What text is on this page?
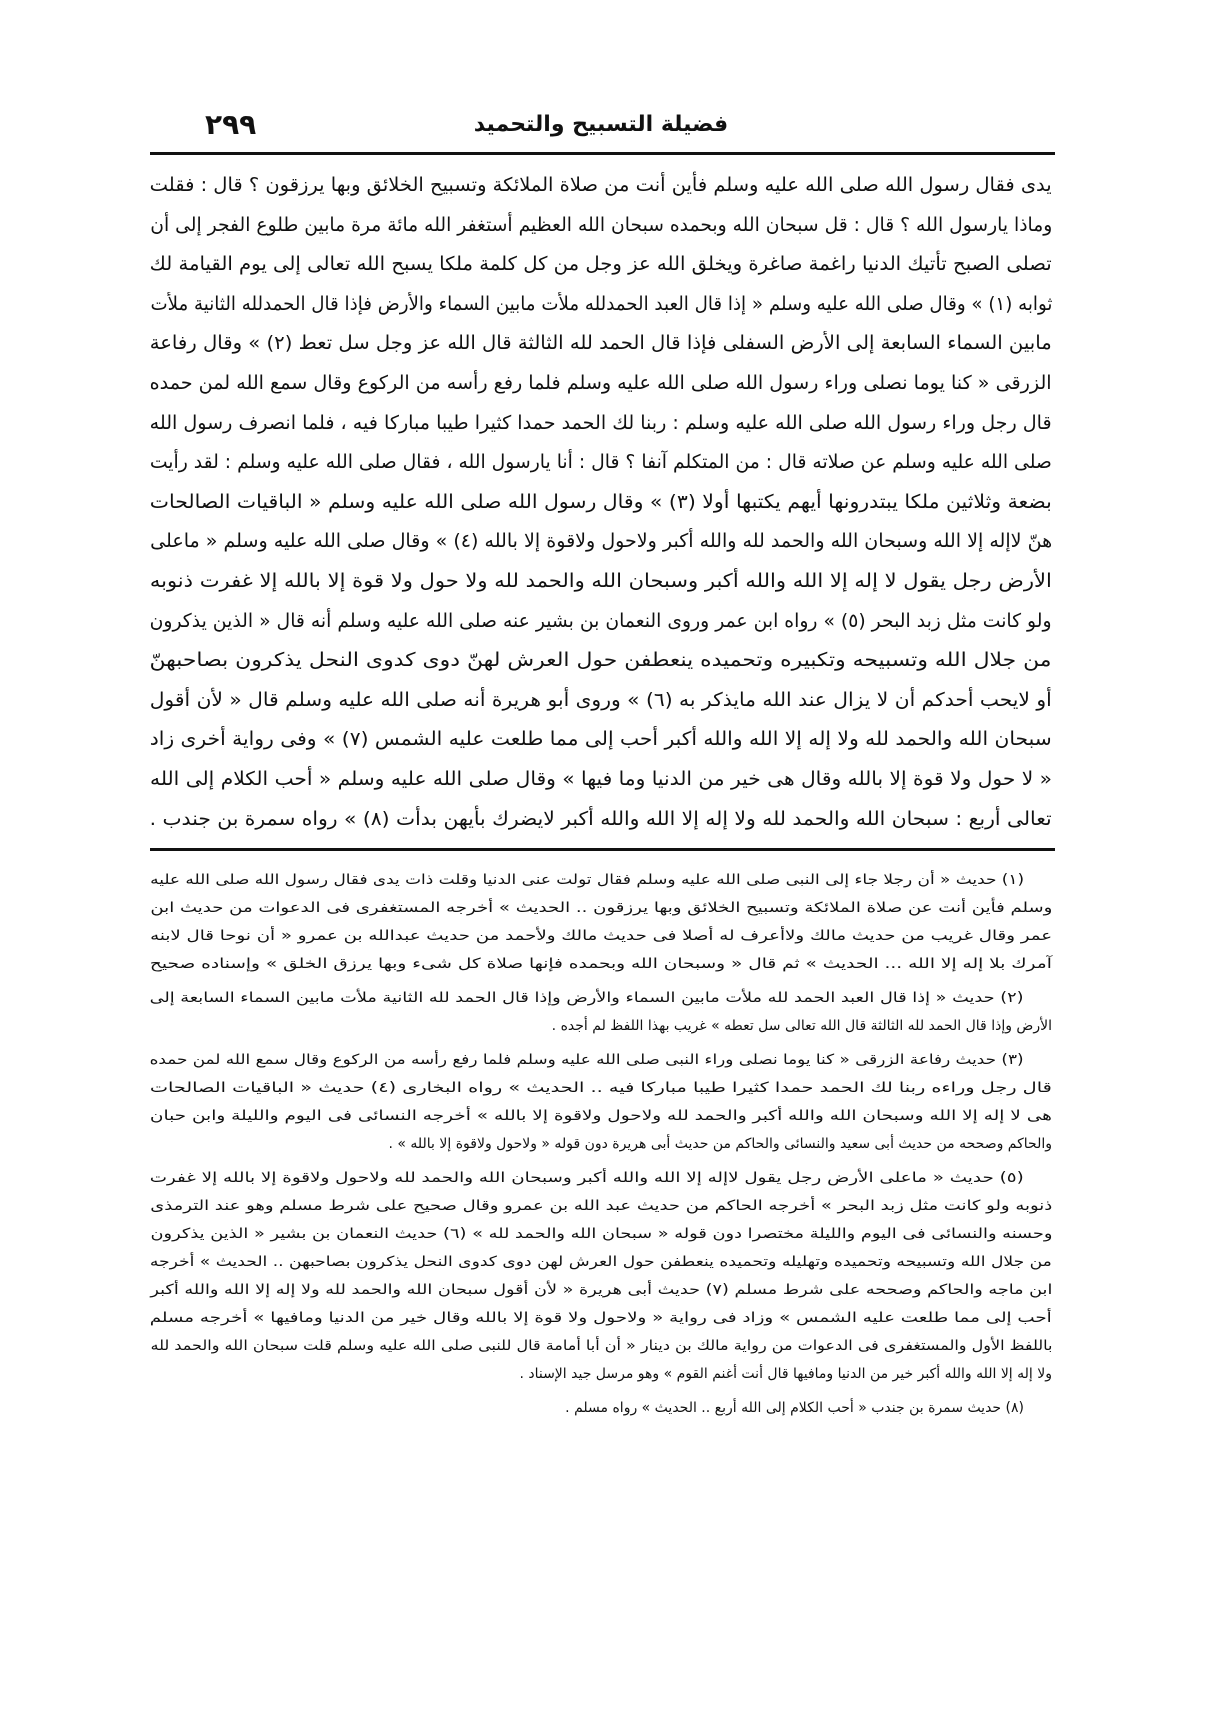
٢٩٩	فضيلة التسبيح والتحميد
يدى فقال رسول الله صلى الله عليه وسلم فأين أنت من صلاة الملائكة وتسبيح الخلائق وبها يرزقون ؟ قال : فقلت
وماذا يارسول الله ؟ قال : قل سبحان الله وبحمده سبحان الله العظيم أستغفر الله مائة مرة مابين طلوع الفجر إلى أن
تصلى الصبح تأتيك الدنيا راغمة صاغرة ويخلق الله عز وجل من كل كلمة ملكا يسبح الله تعالى إلى يوم القيامة لك
ثوابه (١) » وقال صلى الله عليه وسلم « إذا قال العبد الحمدلله ملأت مابين السماء والأرض فإذا قال الحمدلله الثانية ملأت
مابين السماء السابعة إلى الأرض السفلى فإذا قال الحمد لله الثالثة قال الله عز وجل سل تعط (٢) » وقال رفاعة
الزرقى « كنا يوما نصلى وراء رسول الله صلى الله عليه وسلم فلما رفع رأسه من الركوع وقال سمع الله لمن حمده
قال رجل وراء رسول الله صلى الله عليه وسلم : ربنا لك الحمد حمدا كثيرا طيبا مباركا فيه ، فلما انصرف رسول الله
صلى الله عليه وسلم عن صلاته قال : من المتكلم آنفا ؟ قال : أنا يارسول الله ، فقال صلى الله عليه وسلم : لقد رأيت
بضعة وثلاثين ملكا يبتدرونها أيهم يكتبها أولا (٣) » وقال رسول الله صلى الله عليه وسلم « الباقيات الصالحات
هنّ لاإله إلا الله وسبحان الله والحمد لله والله أكبر ولاحول ولاقوة إلا بالله (٤) » وقال صلى الله عليه وسلم « ماعلى
الأرض رجل يقول لا إله إلا الله والله أكبر وسبحان الله والحمد لله ولا حول ولا قوة إلا بالله إلا غفرت ذنوبه
ولو كانت مثل زبد البحر (٥) » رواه ابن عمر وروى النعمان بن بشير عنه صلى الله عليه وسلم أنه قال « الذين يذكرون
من جلال الله وتسبيحه وتكبيره وتحميده ينعطفن حول العرش لهنّ دوى كدوى النحل يذكرون بصاحبهنّ
أو لايحب أحدكم أن لا يزال عند الله مايذكر به (٦) » وروى أبو هريرة أنه صلى الله عليه وسلم قال « لأن أقول
سبحان الله والحمد لله ولا إله إلا الله والله أكبر أحب إلى مما طلعت عليه الشمس (٧) » وفى رواية أخرى زاد
« لا حول ولا قوة إلا بالله وقال هى خير من الدنيا وما فيها » وقال صلى الله عليه وسلم « أحب الكلام إلى الله
تعالى أربع : سبحان الله والحمد لله ولا إله إلا الله والله أكبر لايضرك بأيهن بدأت (٨) » رواه سمرة بن جندب .
(١) حديث « أن رجلا جاء إلى النبى صلى الله عليه وسلم فقال تولت عنى الدنيا وقلت ذات يدى فقال رسول الله صلى الله عليه
وسلم فأين أنت عن صلاة الملائكة وتسبيح الخلائق وبها يرزقون .. الحديث » أخرجه المستغفرى فى الدعوات من حديث ابن
عمر وقال غريب من حديث مالك ولاأعرف له أصلا فى حديث مالك ولأحمد من حديث عبدالله بن عمرو « أن نوحا قال لابنه
آمرك بلا إله إلا الله ... الحديث » ثم قال « وسبحان الله وبحمده فإنها صلاة كل شىء وبها يرزق الخلق » وإسناده صحيح
(٢) حديث « إذا قال العبد الحمد لله ملأت مابين السماء والأرض وإذا قال الحمد لله الثانية ملأت مابين السماء السابعة إلى
الأرض وإذا قال الحمد لله الثالثة قال الله تعالى سل تعطه » غريب بهذا اللفظ لم أجده .
(٣) حديث رفاعة الزرقى « كنا يوما نصلى وراء النبى صلى الله عليه وسلم فلما رفع رأسه من الركوع وقال سمع الله لمن حمده
قال رجل وراءه ربنا لك الحمد حمدا كثيرا طيبا مباركا فيه .. الحديث » رواه البخارى (٤) حديث « الباقيات الصالحات
هى لا إله إلا الله وسبحان الله والله أكبر والحمد لله ولاحول ولاقوة إلا بالله » أخرجه النسائى فى اليوم والليلة وابن حبان
والحاكم وصححه من حديث أبى سعيد والنسائى والحاكم من حديث أبى هريرة دون قوله « ولاحول ولاقوة إلا بالله » .
(٥) حديث « ماعلى الأرض رجل يقول لاإله إلا الله والله أكبر وسبحان الله والحمد لله ولاحول ولاقوة إلا بالله إلا غفرت
ذنوبه ولو كانت مثل زبد البحر » أخرجه الحاكم من حديث عبد الله بن عمرو وقال صحيح على شرط مسلم وهو عند الترمذى
وحسنه والنسائى فى اليوم والليلة مختصرا دون قوله « سبحان الله والحمد لله » (٦) حديث النعمان بن بشير « الذين يذكرون
من جلال الله وتسبيحه وتحميده وتهليله وتحميده ينعطفن حول العرش لهن دوى كدوى النحل يذكرون بصاحبهن .. الحديث » أخرجه
ابن ماجه والحاكم وصححه على شرط مسلم (٧) حديث أبى هريرة « لأن أقول سبحان الله والحمد لله ولا إله إلا الله والله أكبر
أحب إلى مما طلعت عليه الشمس » وزاد فى رواية « ولاحول ولا قوة إلا بالله وقال خير من الدنيا ومافيها » أخرجه مسلم
باللفظ الأول والمستغفرى فى الدعوات من رواية مالك بن دينار « أن أبا أمامة قال للنبى صلى الله عليه وسلم قلت سبحان الله والحمد لله
ولا إله إلا الله والله أكبر خير من الدنيا ومافيها قال أنت أغنم القوم » وهو مرسل جيد الإسناد .
(٨) حديث سمرة بن جندب « أحب الكلام إلى الله أربع .. الحديث » رواه مسلم .
